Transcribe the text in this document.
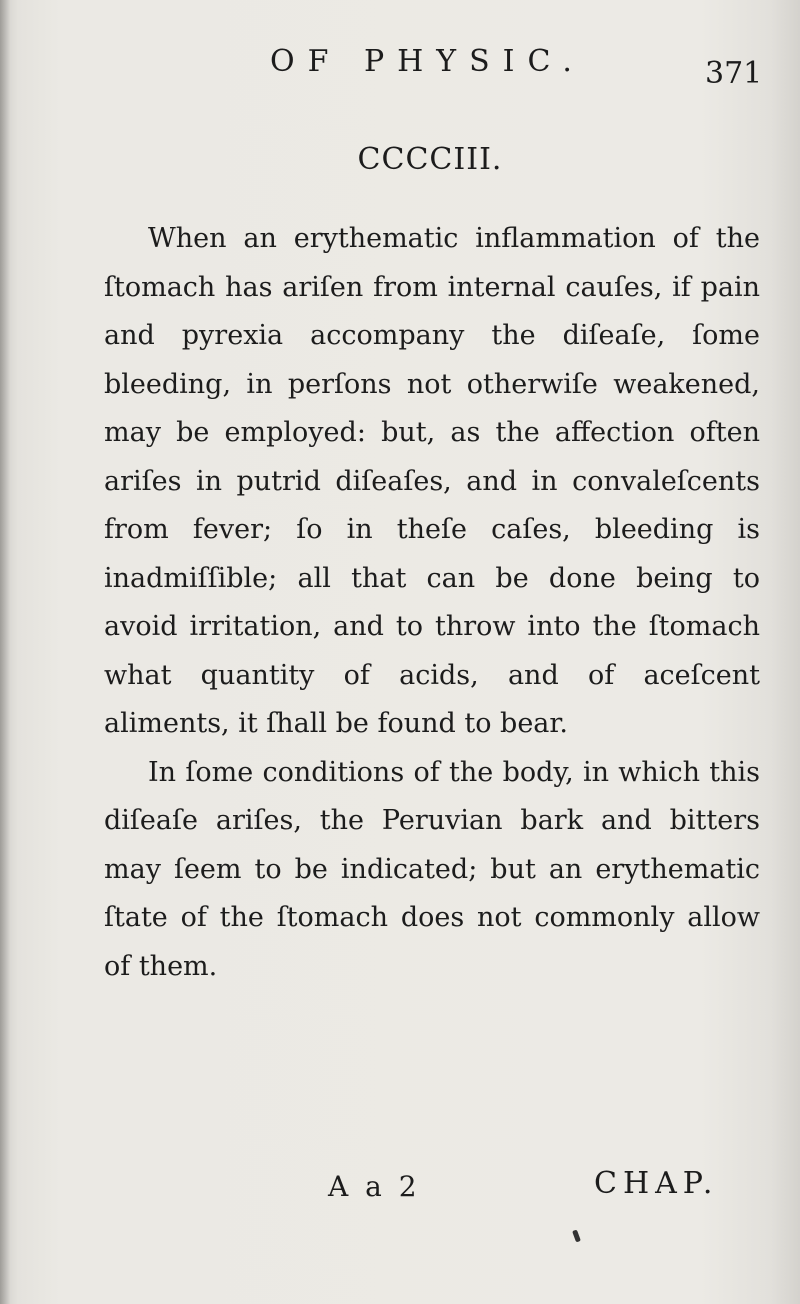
OF PHYSIC.	371
CCCCIII.

When an erythematic inflammation of the ſtomach has ariſen from internal cauſes, if pain and pyrexia accompany the diſeaſe, ſome bleeding, in perſons not otherwiſe weakened, may be employed: but, as the affection often ariſes in putrid diſeaſes, and in convaleſcents from fever; ſo in theſe caſes, bleeding is inadmiſſible; all that can be done being to avoid irritation, and to throw into the ſtomach what quantity of acids, and of aceſcent aliments, it ſhall be found to bear.

In ſome conditions of the body, in which this diſeaſe ariſes, the Peruvian bark and bitters may ſeem to be indicated; but an erythematic ſtate of the ſtomach does not commonly allow of them.

A a 2	CHAP.
